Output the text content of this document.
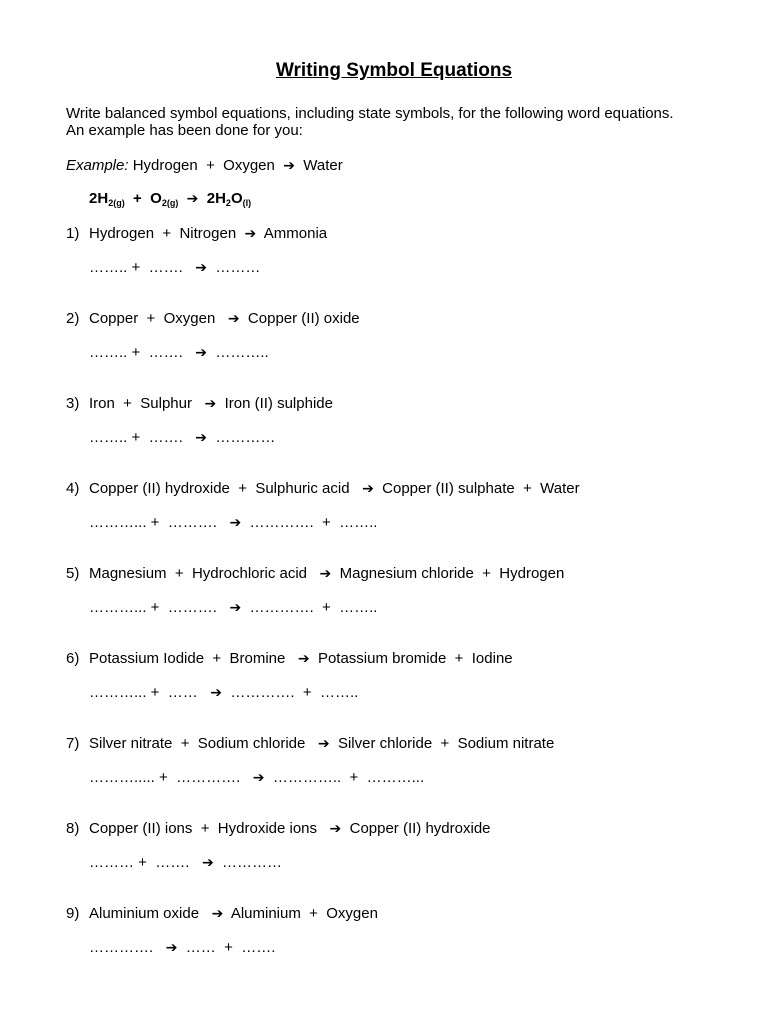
Writing Symbol Equations
Write balanced symbol equations, including state symbols, for the following word equations.
An example has been done for you:
Example: Hydrogen  +  Oxygen ➔ Water
$2H_{2(g)} + O_{2(g)}$ ➔ $2H_2O_{(l)}$
1) Hydrogen  +  Nitrogen ➔ Ammonia
…….. +  ……. ➔ ………
2) Copper  +  Oxygen   ➔ Copper (II) oxide
…….. +  ……. ➔ ………..
3) Iron  +  Sulphur   ➔ Iron (II) sulphide
…….. +  ……. ➔ …………
4) Copper (II) hydroxide  +  Sulphuric acid   ➔ Copper (II) sulphate  +  Water
………... +  ………. ➔ ………….  +  ……..
5) Magnesium  +  Hydrochloric acid   ➔ Magnesium chloride  +  Hydrogen
………... +  ………. ➔ ………….  +  ……..
6) Potassium Iodide  +  Bromine   ➔ Potassium bromide  +  Iodine
………... +  …… ➔ ………….  +  ……..
7) Silver nitrate  +  Sodium chloride   ➔ Silver chloride  +  Sodium nitrate
………..... +  …………. ➔ …………..  +  ………...
8) Copper (II) ions  +  Hydroxide ions   ➔ Copper (II) hydroxide
……… +  ……. ➔ …………
9) Aluminium oxide   ➔ Aluminium  +  Oxygen
…………. ➔ ……  +  …….
